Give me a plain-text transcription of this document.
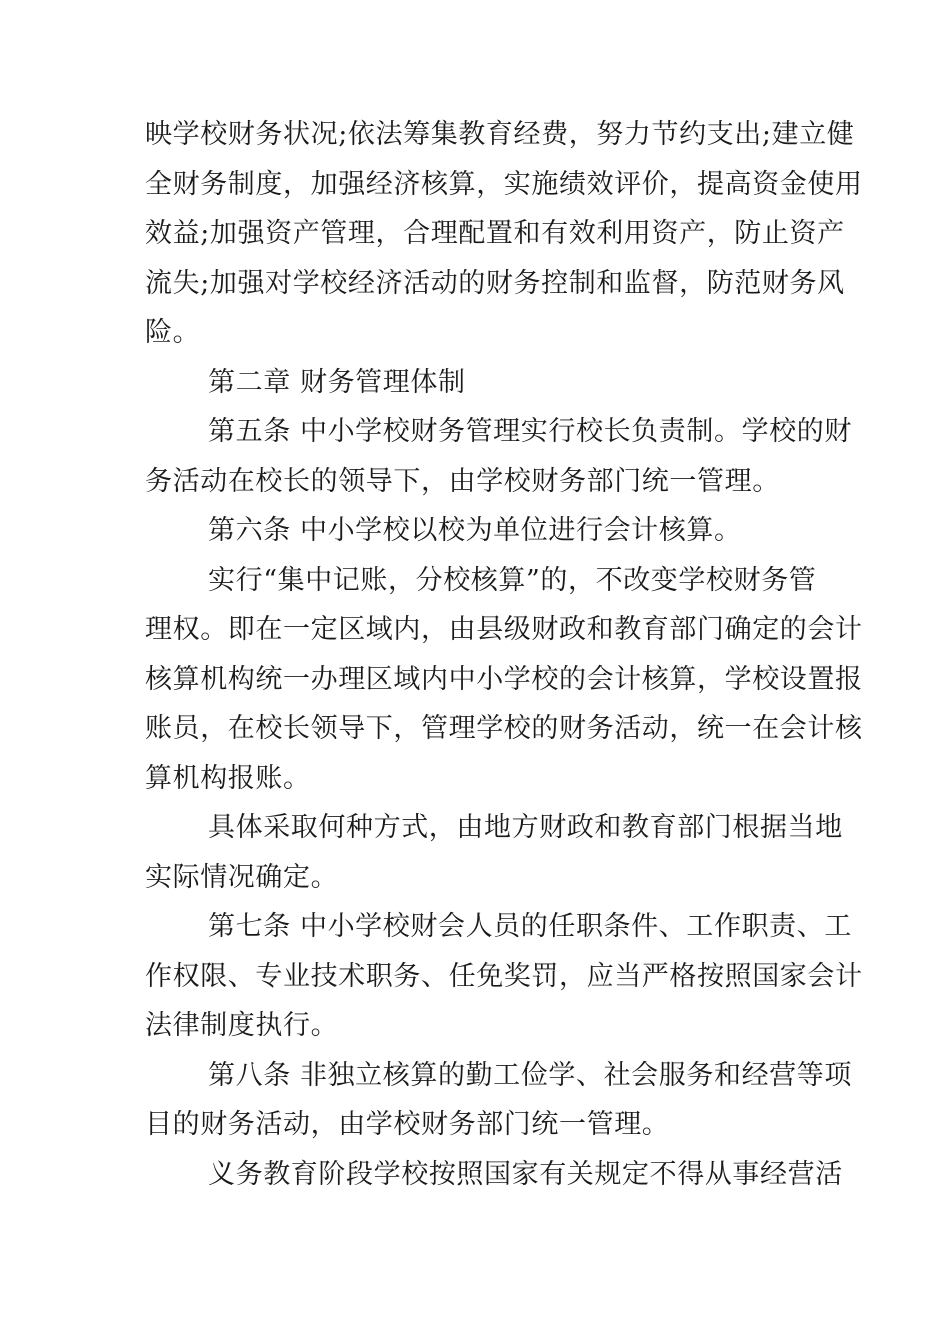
映学校财务状况;依法筹集教育经费，努力节约支出;建立健
全财务制度，加强经济核算，实施绩效评价，提高资金使用
效益;加强资产管理，合理配置和有效利用资产，防止资产
流失;加强对学校经济活动的财务控制和监督，防范财务风
险。
第二章 财务管理体制
第五条 中小学校财务管理实行校长负责制。学校的财
务活动在校长的领导下，由学校财务部门统一管理。
第六条 中小学校以校为单位进行会计核算。
实行“集中记账，分校核算”的，不改变学校财务管
理权。即在一定区域内，由县级财政和教育部门确定的会计
核算机构统一办理区域内中小学校的会计核算，学校设置报
账员，在校长领导下，管理学校的财务活动，统一在会计核
算机构报账。
具体采取何种方式，由地方财政和教育部门根据当地
实际情况确定。
第七条 中小学校财会人员的任职条件、工作职责、工
作权限、专业技术职务、任免奖罚，应当严格按照国家会计
法律制度执行。
第八条 非独立核算的勤工俭学、社会服务和经营等项
目的财务活动，由学校财务部门统一管理。
义务教育阶段学校按照国家有关规定不得从事经营活
